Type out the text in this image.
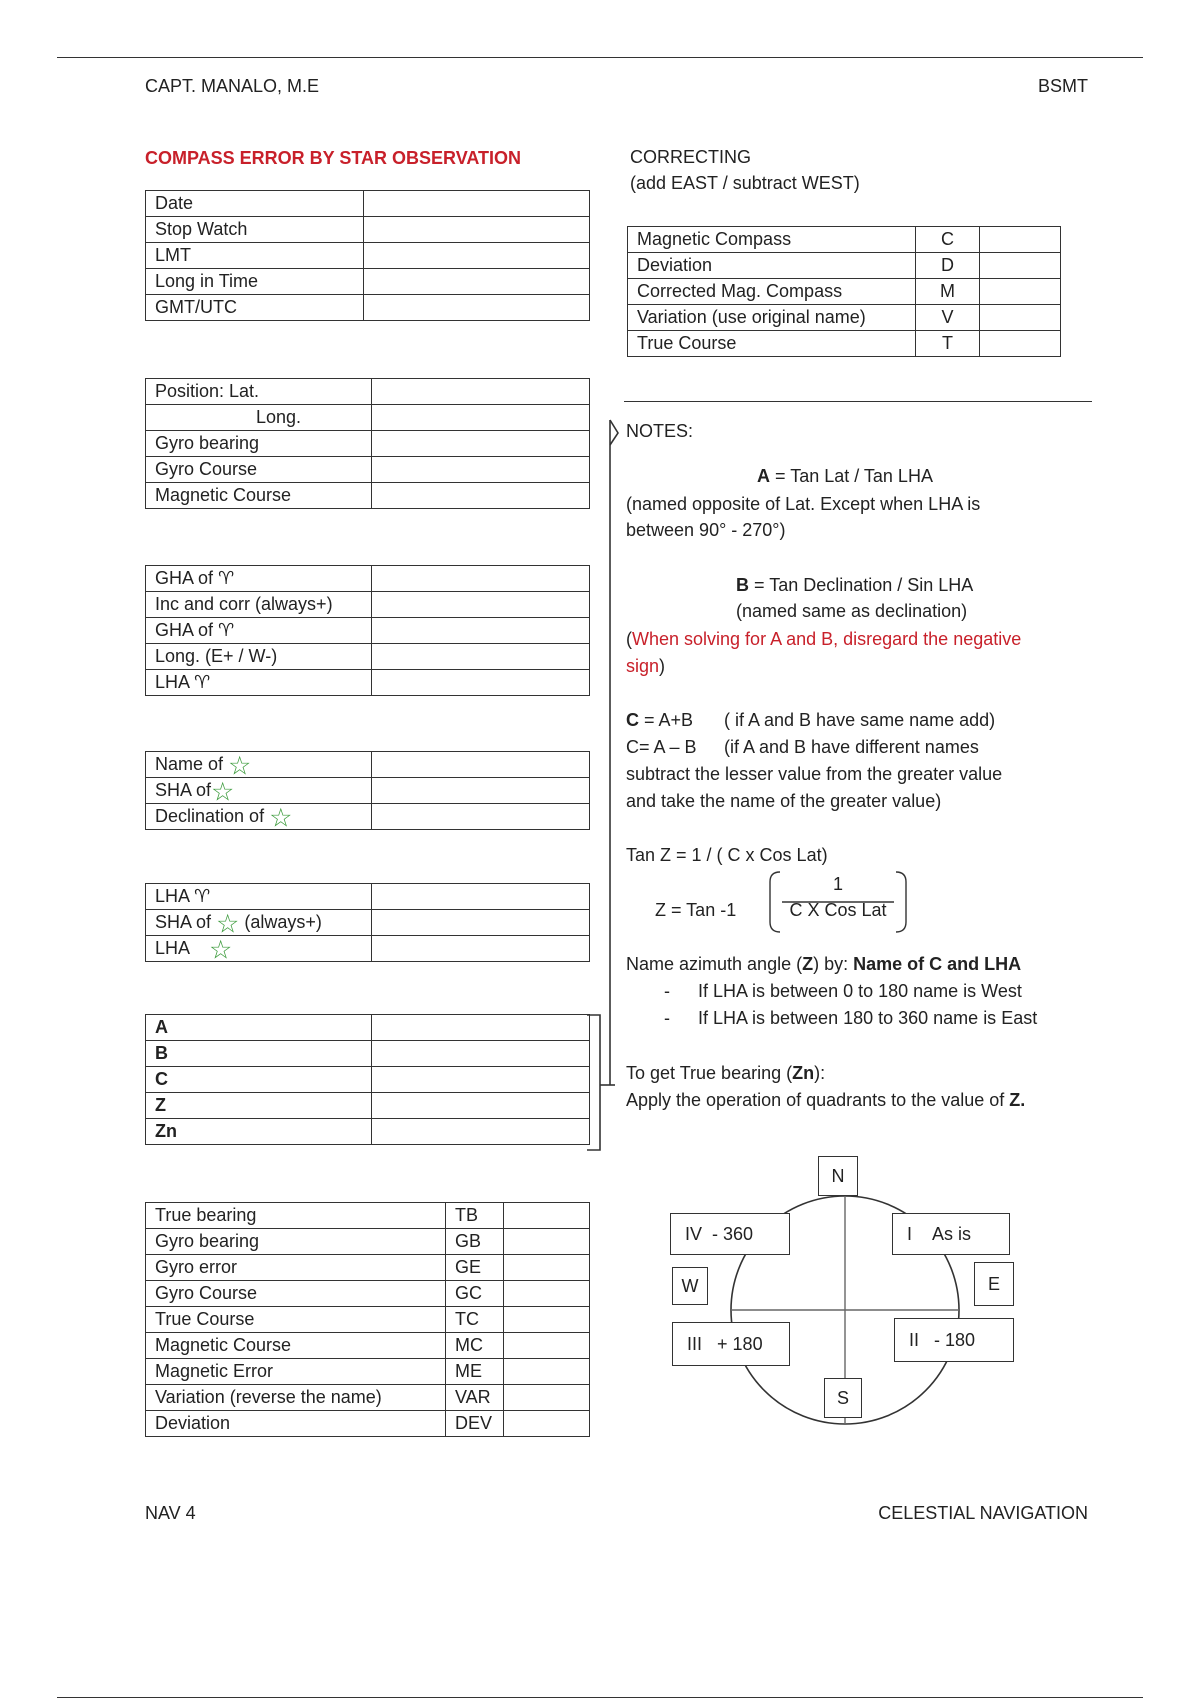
CAPT. MANALO, M.E	BSMT
COMPASS ERROR BY STAR OBSERVATION
Date	
Stop Watch	
LMT	
Long in Time	
GMT/UTC	
Position: Lat.	
Long.	
Gyro bearing	
Gyro Course	
Magnetic Course	
GHA of ♈	
Inc and corr (always+)	
GHA of ♈	
Long. (E+ / W-)	
LHA ♈	
Name of ☆	
SHA of☆	
Declination of ☆	
LHA ♈	
SHA of ☆ (always+)	
LHA ☆	
A	
B	
C	
Z	
Zn	
True bearing	TB	
Gyro bearing	GB	
Gyro error	GE	
Gyro Course	GC	
True Course	TC	
Magnetic Course	MC	
Magnetic Error	ME	
Variation (reverse the name)	VAR	
Deviation	DEV	
CORRECTING
(add EAST / subtract WEST)
Magnetic Compass	C	
Deviation	D	
Corrected Mag. Compass	M	
Variation (use original name)	V	
True Course	T	
NOTES:
A = Tan Lat / Tan LHA
(named opposite of Lat. Except when LHA is
between 90° - 270°)
B = Tan Declination / Sin LHA
(named same as declination)
(When solving for A and B, disregard the negative
sign)
C = A+B ( if A and B have same name add)
C= A – B (if A and B have different names
subtract the lesser value from the greater value
and take the name of the greater value)
Tan Z = 1 / ( C x Cos Lat)
Z = Tan -1
1
C X Cos Lat
Name azimuth angle (Z) by: Name of C and LHA
- If LHA is between 0 to 180 name is West
- If LHA is between 180 to 360 name is East
To get True bearing (Zn):
Apply the operation of quadrants to the value of Z.
N
S
W	E
IV
- 360	I
As is
III
+ 180	II
- 180
NAV 4	CELESTIAL NAVIGATION
